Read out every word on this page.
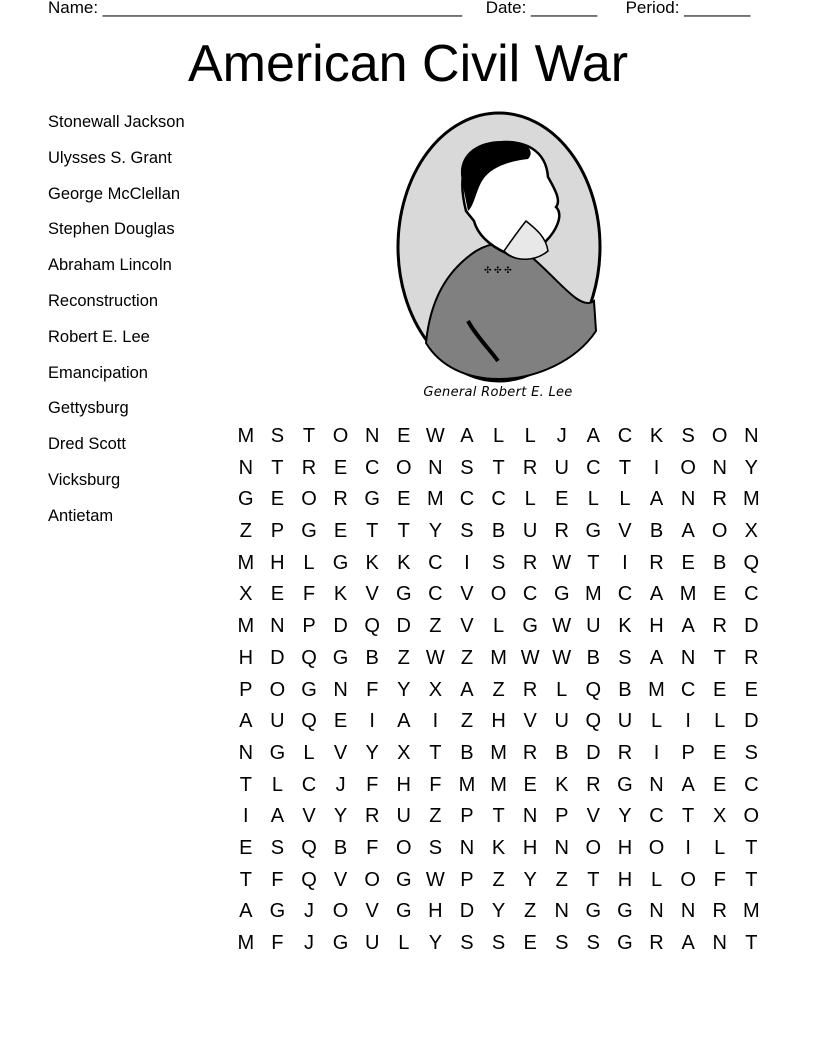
Name: ______________________________________ Date: _______ Period: _______
American Civil War
Stonewall Jackson
Ulysses S. Grant
George McClellan
Stephen Douglas
Abraham Lincoln
Reconstruction
Robert E. Lee
Emancipation
Gettysburg
Dred Scott
Vicksburg
Antietam
✣ ✣ ✣
General Robert E. Lee
M S T O N E W A L	L	J A C K S O N
N T R E C O N S T R U C T	I	O N Y
G E O R G E M C C L E L	L A N R M
Z P G E T T Y S B U R G V B A O X
M H L G K K C	I	S R W T	I	R E B Q
X E F K V G C V O C G M C A M E C
M N P D Q D Z V L G W U K H A R D
H D Q G B Z W Z M W W B S A N T R
P O G N F Y X A Z R L Q B M C E E
A U Q E	I	A	I	Z H V U Q U L	I	L D
N G L V Y X T B M R B D R	I	P E S
T L C J	F H F M M E K R G N A E C
I	A V Y R U Z P T N P V Y C T X O
E S Q B F O S N K H N O H O	I	L T
T F Q V O G W P Z Y Z T H L O F T
A G J O V G H D Y Z N G G N N R M
M F	J G U L Y S S E S S G R A N T
